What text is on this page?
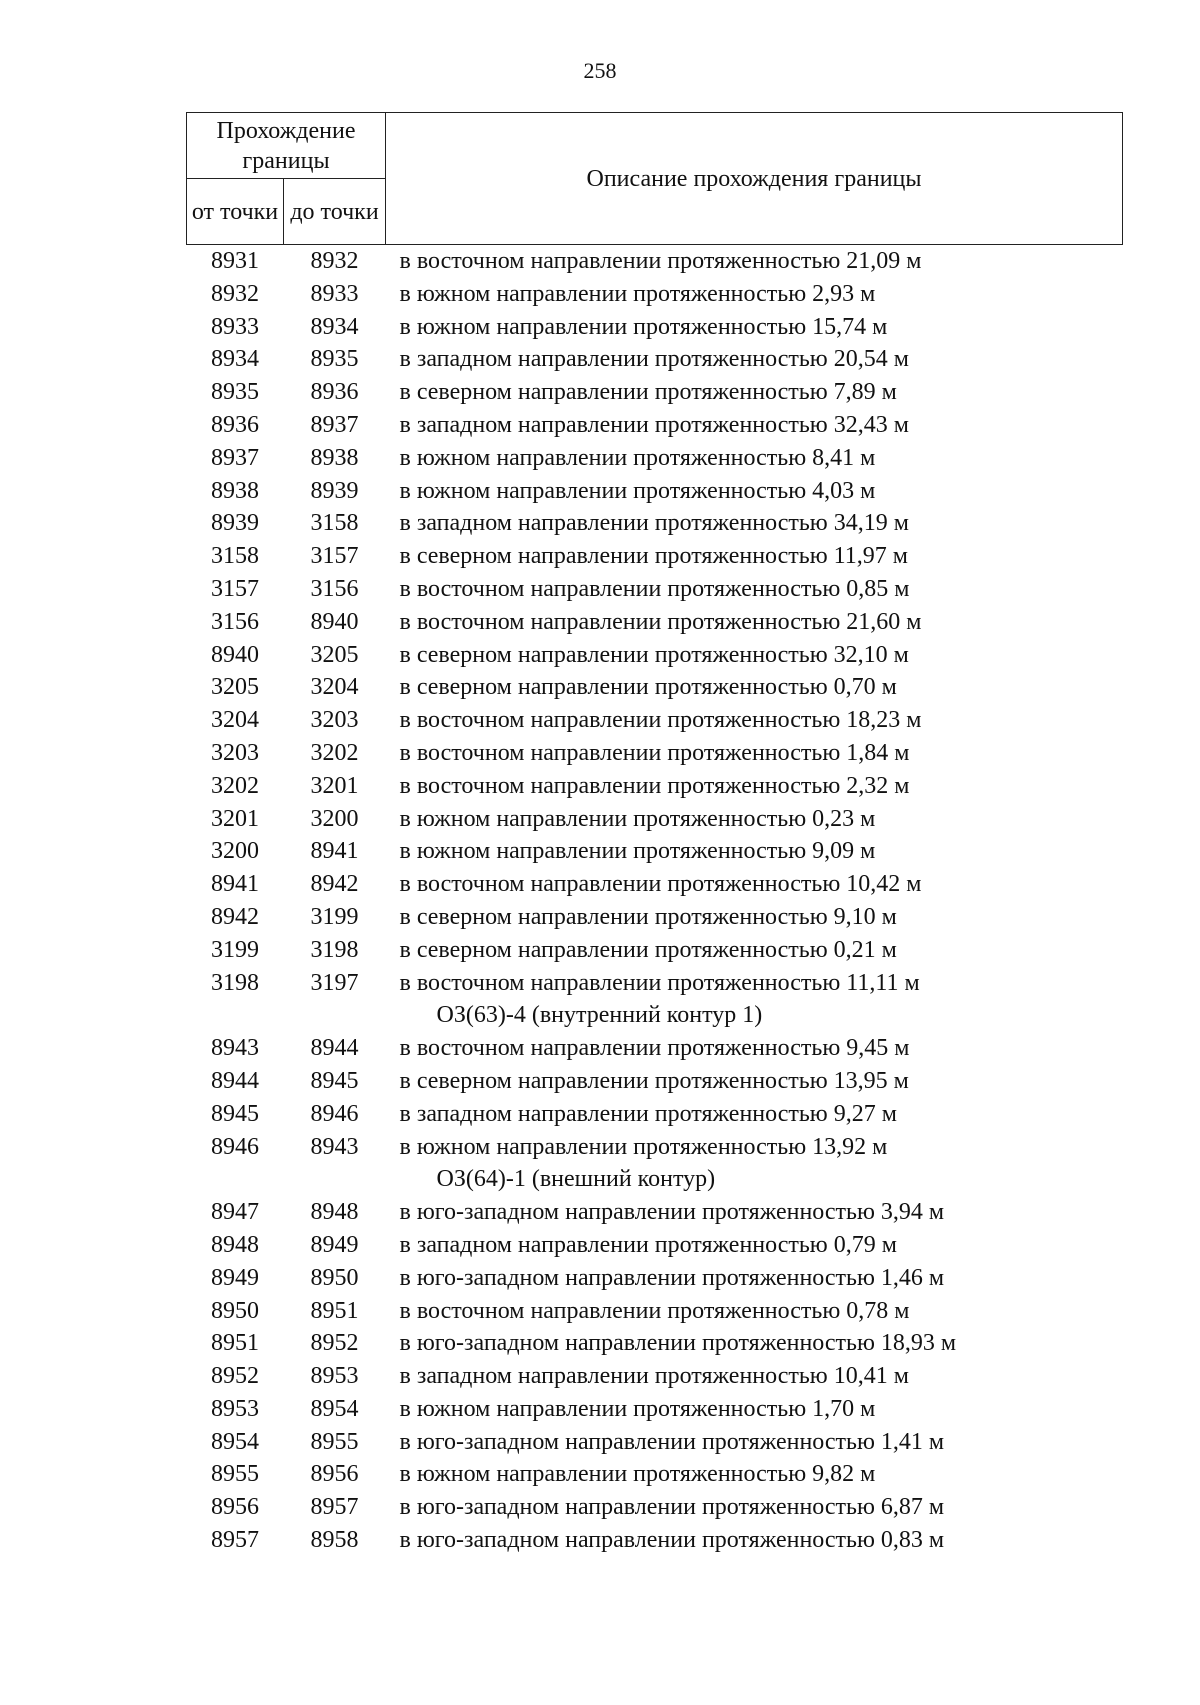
258
Прохождение границы		Описание прохождения границы
от точки	до точки	
8931	8932	в восточном направлении протяженностью 21,09 м
8932	8933	в южном направлении протяженностью 2,93 м
8933	8934	в южном направлении протяженностью 15,74 м
8934	8935	в западном направлении протяженностью 20,54 м
8935	8936	в северном направлении протяженностью 7,89 м
8936	8937	в западном направлении протяженностью 32,43 м
8937	8938	в южном направлении протяженностью 8,41 м
8938	8939	в южном направлении протяженностью 4,03 м
8939	3158	в западном направлении протяженностью 34,19 м
3158	3157	в северном направлении протяженностью 11,97 м
3157	3156	в восточном направлении протяженностью 0,85 м
3156	8940	в восточном направлении протяженностью 21,60 м
8940	3205	в северном направлении протяженностью 32,10 м
3205	3204	в северном направлении протяженностью 0,70 м
3204	3203	в восточном направлении протяженностью 18,23 м
3203	3202	в восточном направлении протяженностью 1,84 м
3202	3201	в восточном направлении протяженностью 2,32 м
3201	3200	в южном направлении протяженностью 0,23 м
3200	8941	в южном направлении протяженностью 9,09 м
8941	8942	в восточном направлении протяженностью 10,42 м
8942	3199	в северном направлении протяженностью 9,10 м
3199	3198	в северном направлении протяженностью 0,21 м
3198	3197	в восточном направлении протяженностью 11,11 м
ОЗ(63)-4 (внутренний контур 1)		
8943	8944	в восточном направлении протяженностью 9,45 м
8944	8945	в северном направлении протяженностью 13,95 м
8945	8946	в западном направлении протяженностью 9,27 м
8946	8943	в южном направлении протяженностью 13,92 м
ОЗ(64)-1 (внешний контур)		
8947	8948	в юго-западном направлении протяженностью 3,94 м
8948	8949	в западном направлении протяженностью 0,79 м
8949	8950	в юго-западном направлении протяженностью 1,46 м
8950	8951	в восточном направлении протяженностью 0,78 м
8951	8952	в юго-западном направлении протяженностью 18,93 м
8952	8953	в западном направлении протяженностью 10,41 м
8953	8954	в южном направлении протяженностью 1,70 м
8954	8955	в юго-западном направлении протяженностью 1,41 м
8955	8956	в южном направлении протяженностью 9,82 м
8956	8957	в юго-западном направлении протяженностью 6,87 м
8957	8958	в юго-западном направлении протяженностью 0,83 м
